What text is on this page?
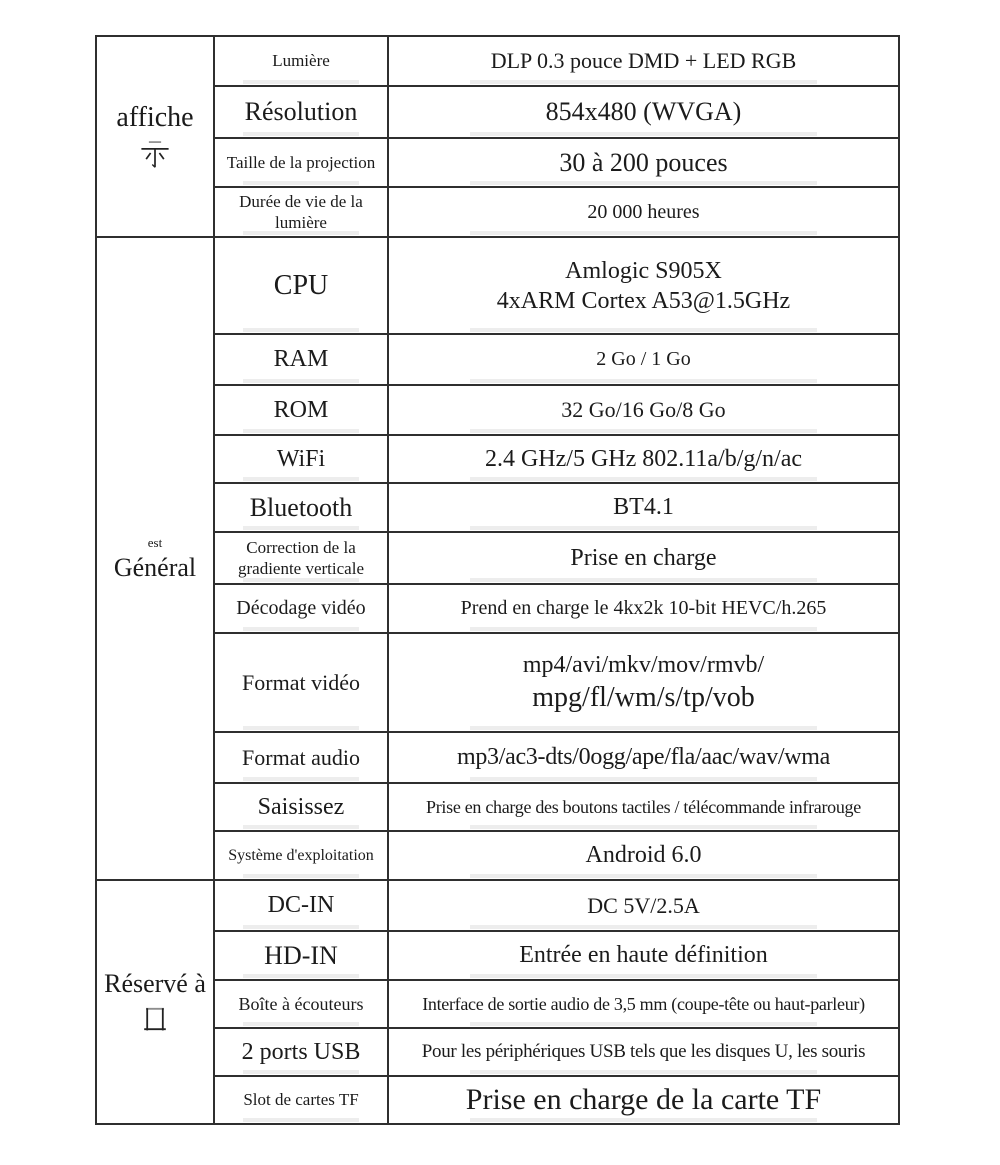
affiche	Lumière	DLP 0.3 pouce DMD + LED RGB
	Résolution	854x480 (WVGA)
	Taille de la projection	30 à 200 pouces
	Durée de vie de la lumière	20 000 heures

est
Général
	CPU	Amlogic S905X
4xARM Cortex A53@1.5GHz

	RAM	2 Go / 1 Go
	ROM	32 Go/16 Go/8 Go
	WiFi	2.4 GHz/5 GHz 802.11a/b/g/n/ac
	Bluetooth	BT4.1
	Correction de la gradiente verticale	Prise en charge
	Décodage vidéo	Prend en charge le 4kx2k 10-bit HEVC/h.265
	Format vidéo	mp4/avi/mkv/mov/rmvb/
mpg/fl/wm/s/tp/vob

	Format audio	mp3/ac3-dts/0ogg/ape/fla/aac/wav/wma
	Saisissez	Prise en charge des boutons tactiles / télécommande infrarouge
	Système d'exploitation	Android 6.0

Réservé à	DC-IN	DC 5V/2.5A
	HD-IN	Entrée en haute définition
	Boîte à écouteurs	Interface de sortie audio de 3,5 mm (coupe-tête ou haut-parleur)
	2 ports USB	Pour les périphériques USB tels que les disques U, les souris
	Slot de cartes TF	Prise en charge de la carte TF
